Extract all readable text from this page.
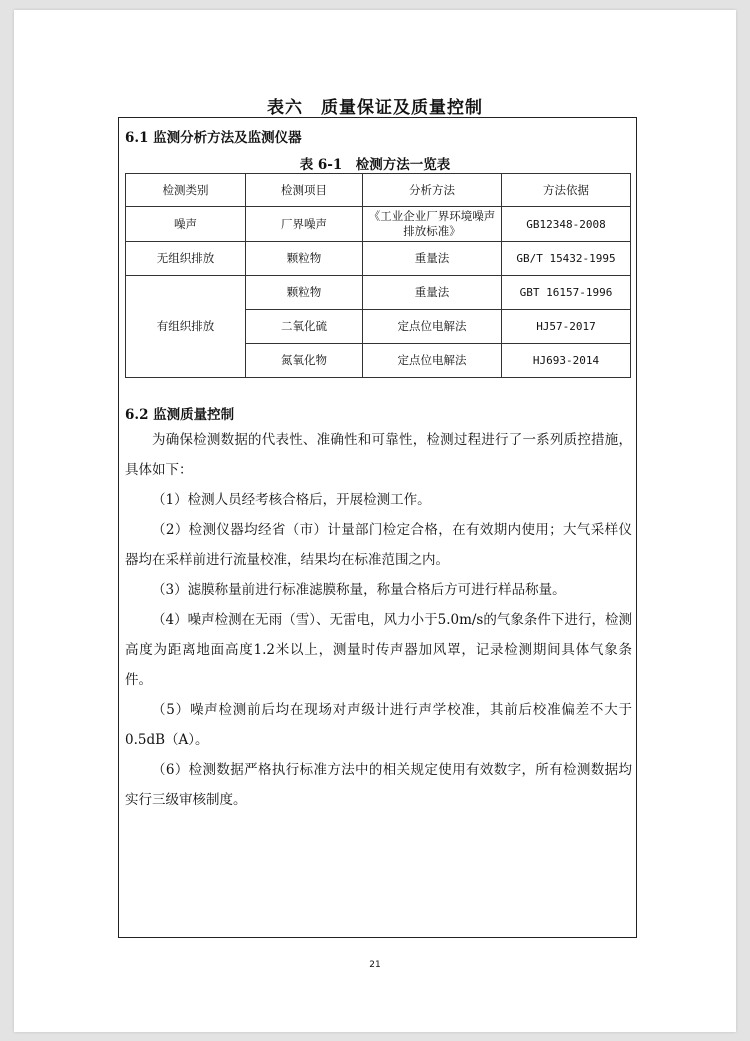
表六　质量保证及质量控制
6.1 监测分析方法及监测仪器
表 6-1　检测方法一览表
检测类别	检测项目	分析方法	方法依据
噪声	厂界噪声	《工业企业厂界环境噪声排放标准》	GB12348-2008
无组织排放	颗粒物	重量法	GB/T 15432-1995
有组织排放	颗粒物	重量法	GBT 16157-1996
	二氧化硫	定点位电解法	HJ57-2017
	氮氧化物	定点位电解法	HJ693-2014
6.2 监测质量控制

为确保检测数据的代表性、准确性和可靠性，检测过程进行了一系列质控措施，具体如下：

（1）检测人员经考核合格后，开展检测工作。

（2）检测仪器均经省（市）计量部门检定合格，在有效期内使用；大气采样仪器均在采样前进行流量校准，结果均在标准范围之内。

（3）滤膜称量前进行标准滤膜称量，称量合格后方可进行样品称量。

（4）噪声检测在无雨（雪）、无雷电，风力小于5.0m/s的气象条件下进行，检测高度为距离地面高度1.2米以上，测量时传声器加风罩，记录检测期间具体气象条件。

（5）噪声检测前后均在现场对声级计进行声学校准，其前后校准偏差不大于0.5dB（A）。

（6）检测数据严格执行标准方法中的相关规定使用有效数字，所有检测数据均实行三级审核制度。

21
